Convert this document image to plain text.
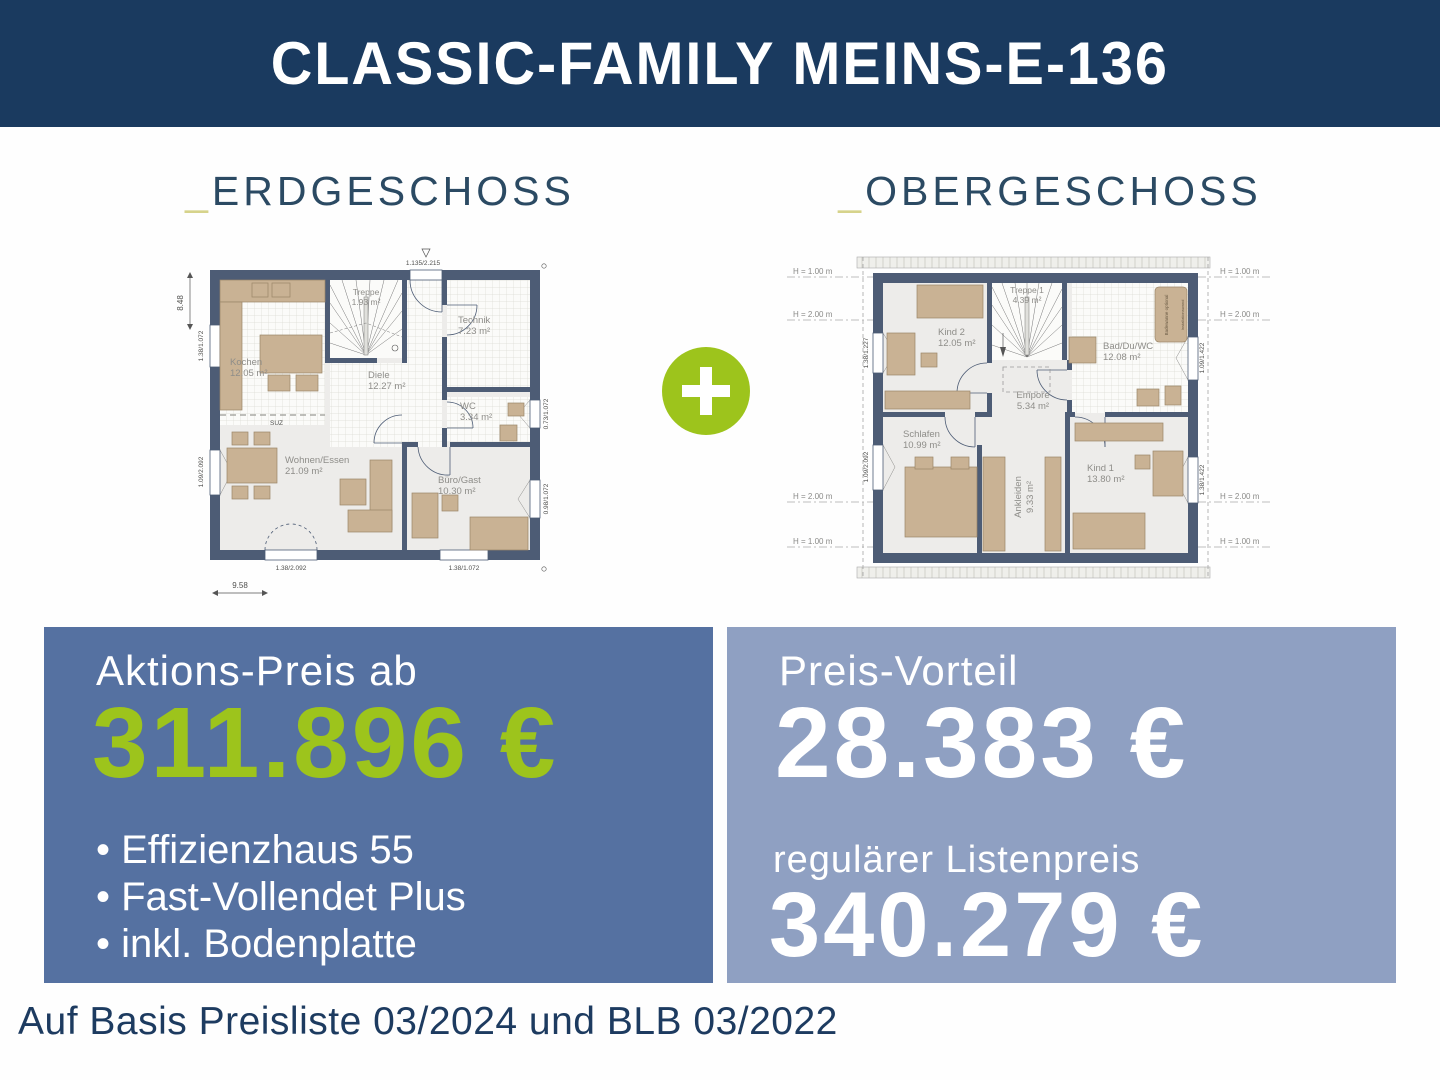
CLASSIC-FAMILY MEINS-E-136
_ERDGESCHOSS	_OBERGESCHOSS
SUZ
Kochen
12.05 m²
Treppe
1.93 m²
Technik
7.23 m²
Diele
12.27 m²
WC
3.34 m²
Wohnen/Essen
21.09 m²
Büro/Gast
10.30 m²
1.135/2.215
8.48
9.58
1.38/1.072
1.09/2.092
0.73/1.072
0.98/1.072
1.38/2.092	1.38/1.072
H = 1.00 m
H = 2.00 m
H = 2.00 m
H = 1.00 m
H = 1.00 m
H = 2.00 m
H = 2.00 m
H = 1.00 m
Treppe 1
4.39 m²
Kind 2
12.05 m²	Bad/Du/WC
12.08 m²
Empore
5.34 m²
Schlafen
10.99 m²
Ankleiden 9.33 m²
Kind 1
13.80 m²
Badewanne optional	Installationswand
1.38/1.227
1.09/2.092
1.09/1.422
1.38/1.422
Aktions-Preis ab
311.896 €
• Effizienzhaus 55
• Fast-Vollendet Plus
• inkl. Bodenplatte
Preis-Vorteil
28.383 €
regulärer Listenpreis
340.279 €
Auf Basis Preisliste 03/2024 und BLB 03/2022
